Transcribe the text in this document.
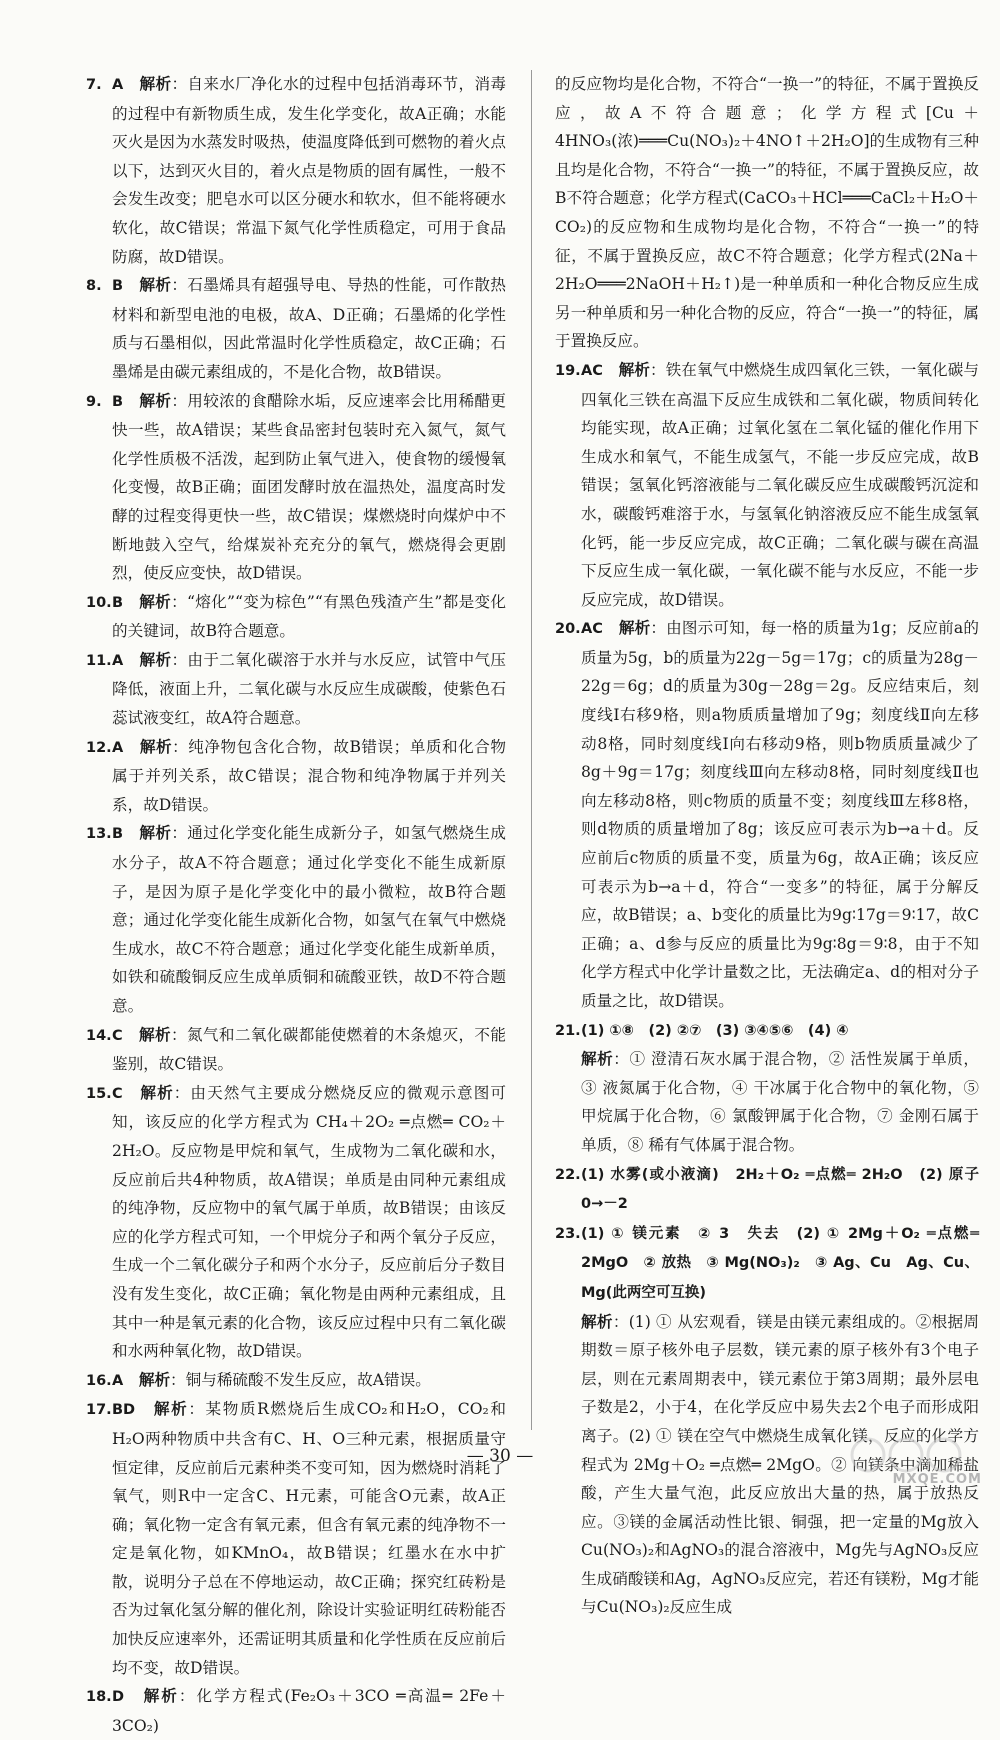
7. A　 解析：自来水厂净化水的过程中包括消毒环节，消毒的过程中有新物质生成，发生化学变化，故A正确；水能灭火是因为水蒸发时吸热，使温度降低到可燃物的着火点以下，达到灭火目的，着火点是物质的固有属性，一般不会发生改变；肥皂水可以区分硬水和软水，但不能将硬水软化，故C错误；常温下氮气化学性质稳定，可用于食品防腐，故D错误。

8. B　 解析：石墨烯具有超强导电、导热的性能，可作散热材料和新型电池的电极，故A、D正确；石墨烯的化学性质与石墨相似，因此常温时化学性质稳定，故C正确；石墨烯是由碳元素组成的，不是化合物，故B错误。

9. B　 解析：用较浓的食醋除水垢，反应速率会比用稀醋更快一些，故A错误；某些食品密封包装时充入氮气，氮气化学性质极不活泼，起到防止氧气进入，使食物的缓慢氧化变慢，故B正确；面团发酵时放在温热处，温度高时发酵的过程变得更快一些，故C错误；煤燃烧时向煤炉中不断地鼓入空气，给煤炭补充充分的氧气，燃烧得会更剧烈，使反应变快，故D错误。

10.B　 解析：“熔化”“变为棕色”“有黑色残渣产生”都是变化的关键词，故B符合题意。

11.A　 解析：由于二氧化碳溶于水并与水反应，试管中气压降低，液面上升，二氧化碳与水反应生成碳酸，使紫色石蕊试液变红，故A符合题意。

12.A　 解析：纯净物包含化合物，故B错误；单质和化合物属于并列关系，故C错误；混合物和纯净物属于并列关系，故D错误。

13.B　 解析：通过化学变化能生成新分子，如氢气燃烧生成水分子，故A不符合题意；通过化学变化不能生成新原子，是因为原子是化学变化中的最小微粒，故B符合题意；通过化学变化能生成新化合物，如氢气在氧气中燃烧生成水，故C不符合题意；通过化学变化能生成新单质，如铁和硫酸铜反应生成单质铜和硫酸亚铁，故D不符合题意。

14.C　 解析：氮气和二氧化碳都能使燃着的木条熄灭，不能鉴别，故C错误。

15.C　 解析：由天然气主要成分燃烧反应的微观示意图可知，该反应的化学方程式为 CH₄＋2O₂ ═点燃═ CO₂＋2H₂O。反应物是甲烷和氧气，生成物为二氧化碳和水，反应前后共4种物质，故A错误；单质是由同种元素组成的纯净物，反应物中的氧气属于单质，故B错误；由该反应的化学方程式可知，一个甲烷分子和两个氧分子反应，生成一个二氧化碳分子和两个水分子，反应前后分子数目没有发生变化，故C正确；氧化物是由两种元素组成，且其中一种是氧元素的化合物，该反应过程中只有二氧化碳和水两种氧化物，故D错误。

16.A　 解析：铜与稀硫酸不发生反应，故A错误。

17.BD　 解析：某物质R燃烧后生成CO₂和H₂O，CO₂和H₂O两种物质中共含有C、H、O三种元素，根据质量守恒定律，反应前后元素种类不变可知，因为燃烧时消耗了氧气，则R中一定含C、H元素，可能含O元素，故A正确；氧化物一定含有氧元素，但含有氧元素的纯净物不一定是氧化物，如KMnO₄，故B错误；红墨水在水中扩散，说明分子总在不停地运动，故C正确；探究红砖粉是否为过氧化氢分解的催化剂，除设计实验证明红砖粉能否加快反应速率外，还需证明其质量和化学性质在反应前后均不变，故D错误。

18.D　 解析：化学方程式(Fe₂O₃＋3CO ═高温═ 2Fe＋3CO₂)

的反应物均是化合物，不符合“一换一”的特征，不属于置换反应，故A不符合题意；化学方程式[Cu＋4HNO₃(浓)═══Cu(NO₃)₂＋4NO↑＋2H₂O]的生成物有三种且均是化合物，不符合“一换一”的特征，不属于置换反应，故B不符合题意；化学方程式(CaCO₃＋HCl═══CaCl₂＋H₂O＋CO₂)的反应物和生成物均是化合物，不符合“一换一”的特征，不属于置换反应，故C不符合题意；化学方程式(2Na＋2H₂O═══2NaOH＋H₂↑)是一种单质和一种化合物反应生成另一种单质和另一种化合物的反应，符合“一换一”的特征，属于置换反应。

19.AC　 解析：铁在氧气中燃烧生成四氧化三铁，一氧化碳与四氧化三铁在高温下反应生成铁和二氧化碳，物质间转化均能实现，故A正确；过氧化氢在二氧化锰的催化作用下生成水和氧气，不能生成氢气，不能一步反应完成，故B错误；氢氧化钙溶液能与二氧化碳反应生成碳酸钙沉淀和水，碳酸钙难溶于水，与氢氧化钠溶液反应不能生成氢氧化钙，能一步反应完成，故C正确；二氧化碳与碳在高温下反应生成一氧化碳，一氧化碳不能与水反应，不能一步反应完成，故D错误。

20.AC　 解析：由图示可知，每一格的质量为1g；反应前a的质量为5g，b的质量为22g－5g＝17g；c的质量为28g－22g＝6g；d的质量为30g－28g＝2g。反应结束后，刻度线Ⅰ右移9格，则a物质质量增加了9g；刻度线Ⅱ向左移动8格，同时刻度线Ⅰ向右移动9格，则b物质质量减少了8g＋9g＝17g；刻度线Ⅲ向左移动8格，同时刻度线Ⅱ也向左移动8格，则c物质的质量不变；刻度线Ⅲ左移8格，则d物质的质量增加了8g；该反应可表示为b→a＋d。反应前后c物质的质量不变，质量为6g，故A正确；该反应可表示为b→a＋d，符合“一变多”的特征，属于分解反应，故B错误；a、b变化的质量比为9g∶17g＝9∶17，故C正确；a、d参与反应的质量比为9g∶8g＝9∶8，由于不知化学方程式中化学计量数之比，无法确定a、d的相对分子质量之比，故D错误。

21.(1) ①⑧　(2) ②⑦　(3) ③④⑤⑥　(4) ④

解析：① 澄清石灰水属于混合物，② 活性炭属于单质，③ 液氮属于化合物，④ 干冰属于化合物中的氧化物，⑤ 甲烷属于化合物，⑥ 氯酸钾属于化合物，⑦ 金刚石属于单质，⑧ 稀有气体属于混合物。

22.(1) 水雾(或小液滴)　2H₂＋O₂ ═点燃═ 2H₂O　(2) 原子　0→－2

23.(1) ① 镁元素　② 3　失去　(2) ① 2Mg＋O₂ ═点燃═ 2MgO　② 放热　③ Mg(NO₃)₂　③ Ag、Cu　Ag、Cu、Mg(此两空可互换)

解析：(1) ① 从宏观看，镁是由镁元素组成的。②根据周期数＝原子核外电子层数，镁元素的原子核外有3个电子层，则在元素周期表中，镁元素位于第3周期；最外层电子数是2，小于4，在化学反应中易失去2个电子而形成阳离子。(2) ① 镁在空气中燃烧生成氧化镁，反应的化学方程式为 2Mg＋O₂ ═点燃═ 2MgO。② 向镁条中滴加稀盐酸，产生大量气泡，此反应放出大量的热，属于放热反应。③镁的金属活动性比银、铜强，把一定量的Mg放入Cu(NO₃)₂和AgNO₃的混合溶液中，Mg先与AgNO₃反应生成硝酸镁和Ag，AgNO₃反应完，若还有镁粉，Mg才能与Cu(NO₃)₂反应生成

— 30 —
MXQE.COM
